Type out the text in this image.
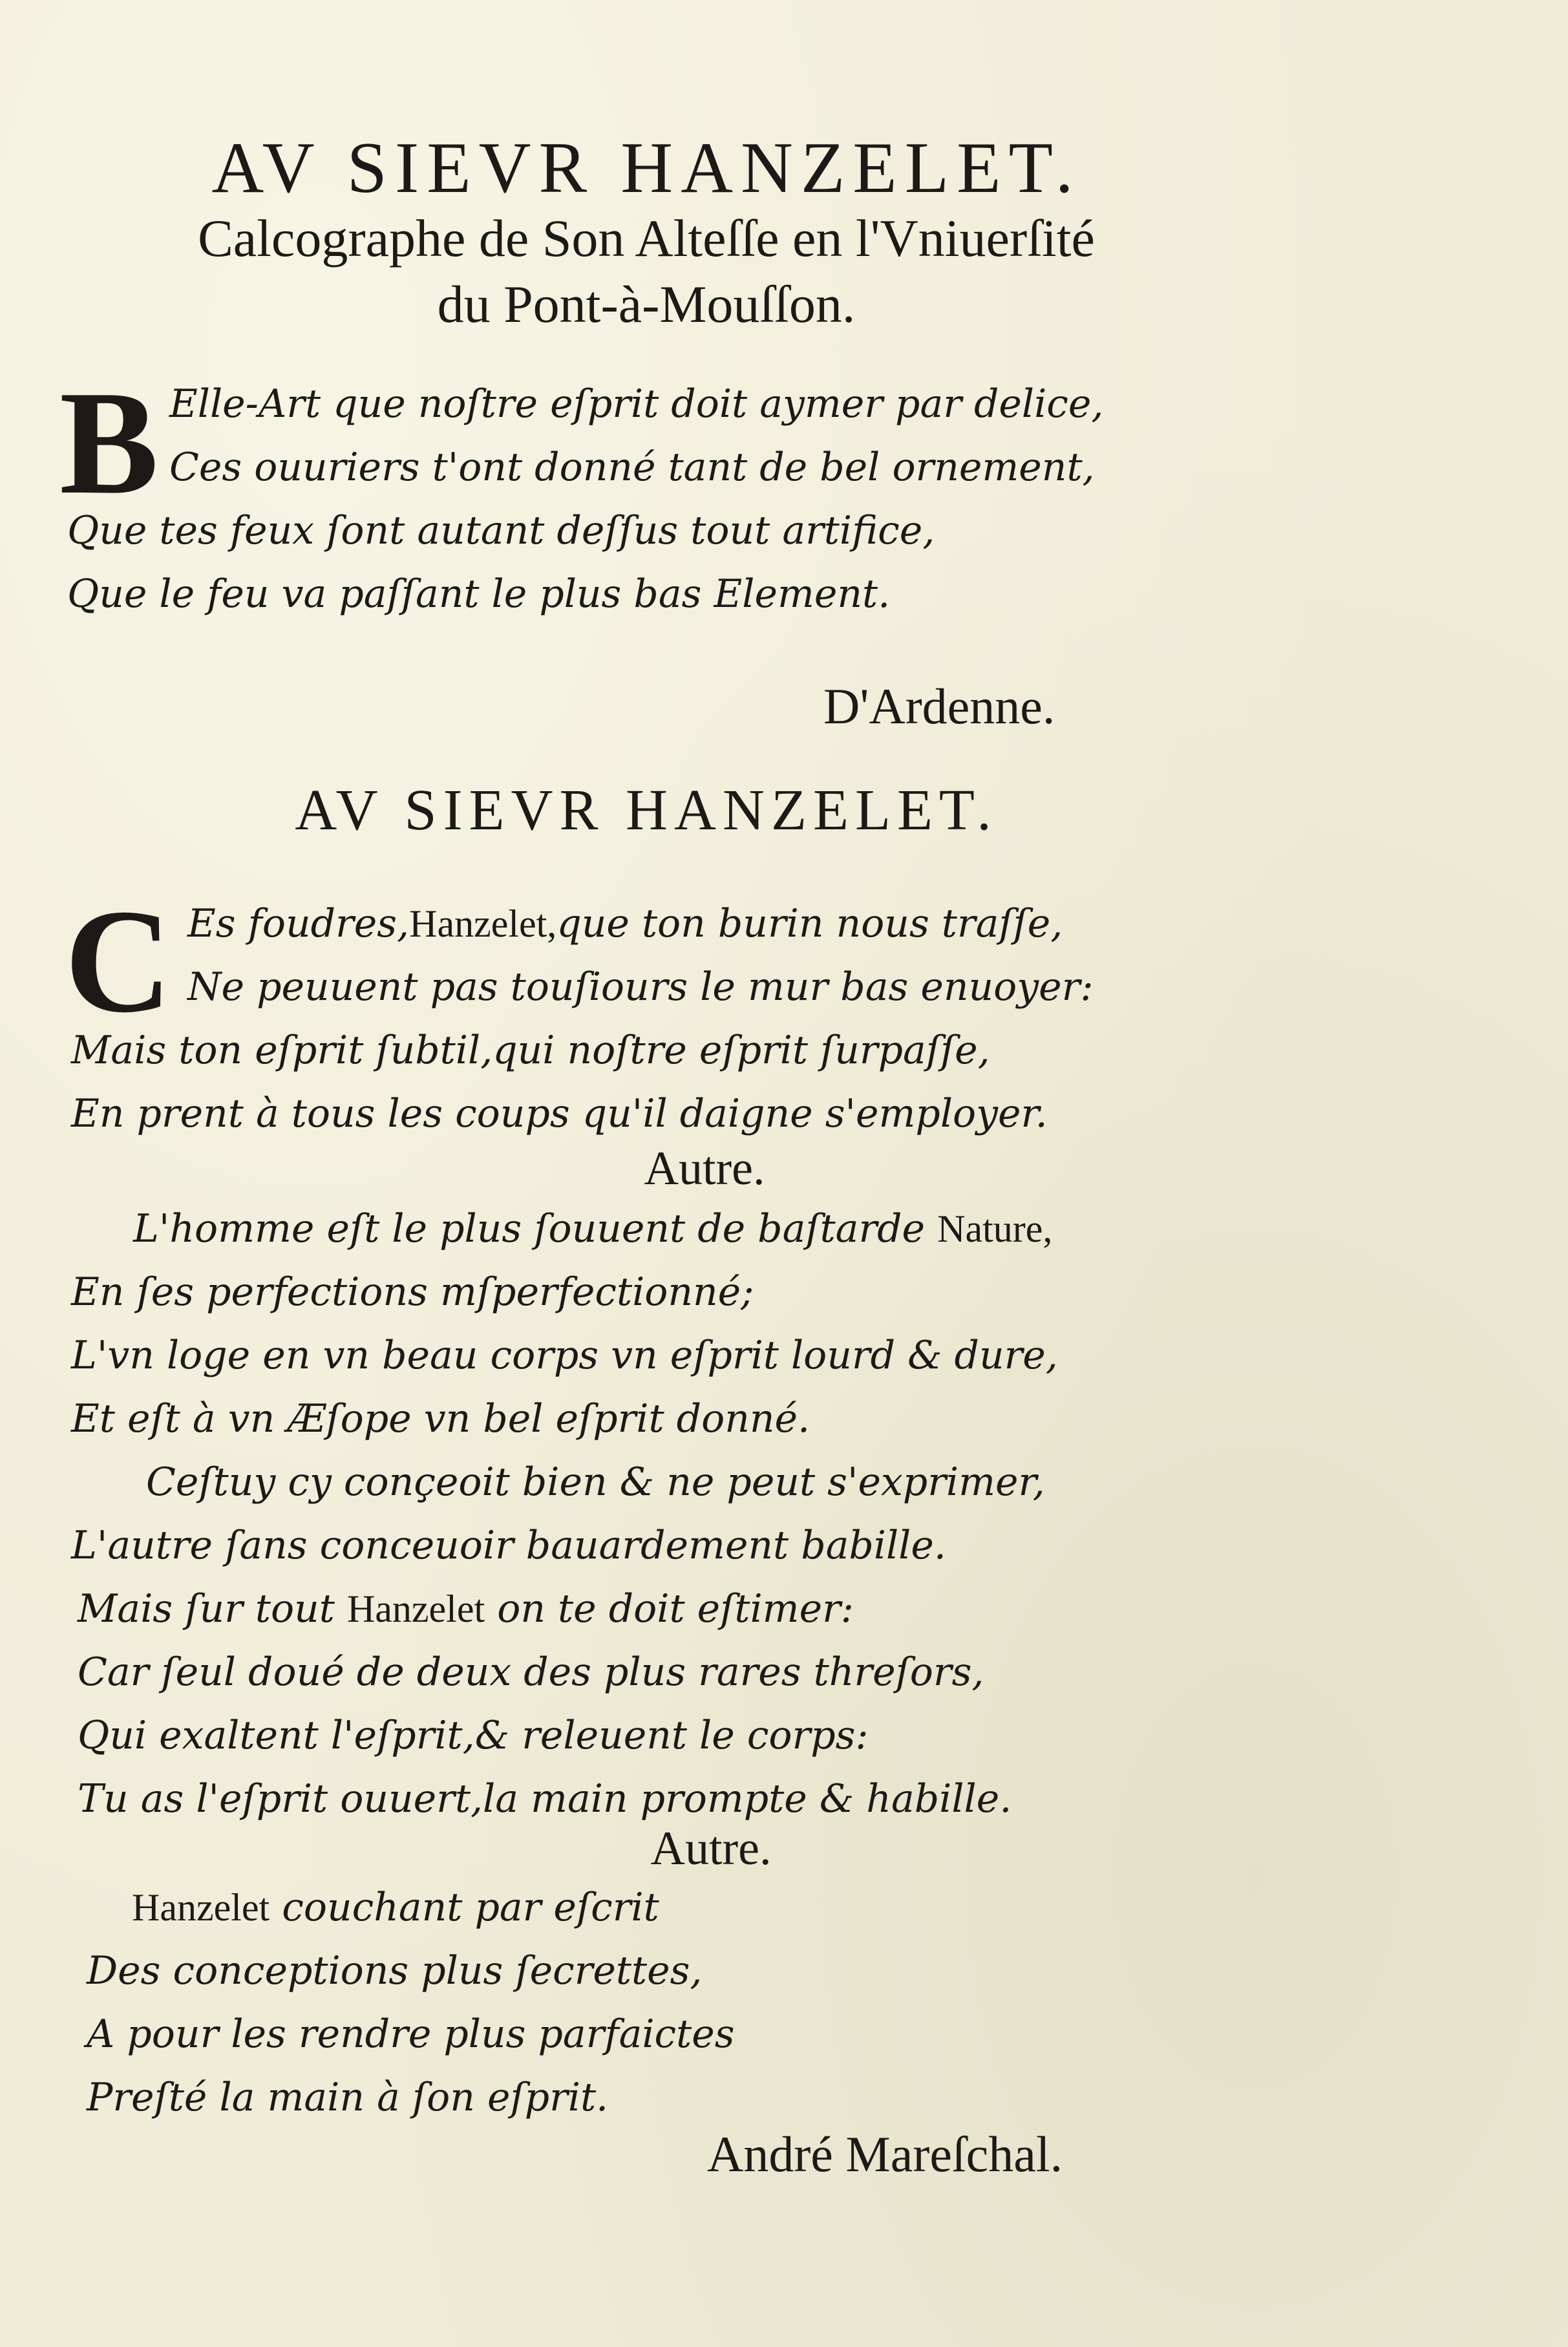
AV SIEVR HANZELET.
Calcographe de Son Alteſſe en l'Vniuerſité
du Pont-à-Mouſſon.
B Elle-Art que noſtre eſprit doit aymer par delice,
Ces ouuriers t'ont donné tant de bel ornement,
Que tes feux ſont autant deſſus tout artifice,
Que le feu va paſſant le plus bas Element.
D'Ardenne.
AV SIEVR HANZELET.
C Es foudres,Hanzelet,que ton burin nous traſſe,
Ne peuuent pas touſiours le mur bas enuoyer:
Mais ton eſprit ſubtil,qui noſtre eſprit ſurpaſſe,
En prent à tous les coups qu'il daigne s'employer.
Autre.
L'homme eſt le plus ſouuent de baſtarde Nature,
En ſes perfections mſperfectionné;
L'vn loge en vn beau corps vn eſprit lourd & dure,
Et eſt à vn Æſope vn bel eſprit donné.
Ceſtuy cy conçeoit bien & ne peut s'exprimer,
L'autre ſans conceuoir bauardement babille.
Mais ſur tout Hanzelet on te doit eſtimer:
Car ſeul doué de deux des plus rares threſors,
Qui exaltent l'eſprit,& releuent le corps:
Tu as l'eſprit ouuert,la main prompte & habille.
Autre.
Hanzelet couchant par eſcrit
Des conceptions plus ſecrettes,
A pour les rendre plus parfaictes
Preſté la main à ſon eſprit.
André Mareſchal.
